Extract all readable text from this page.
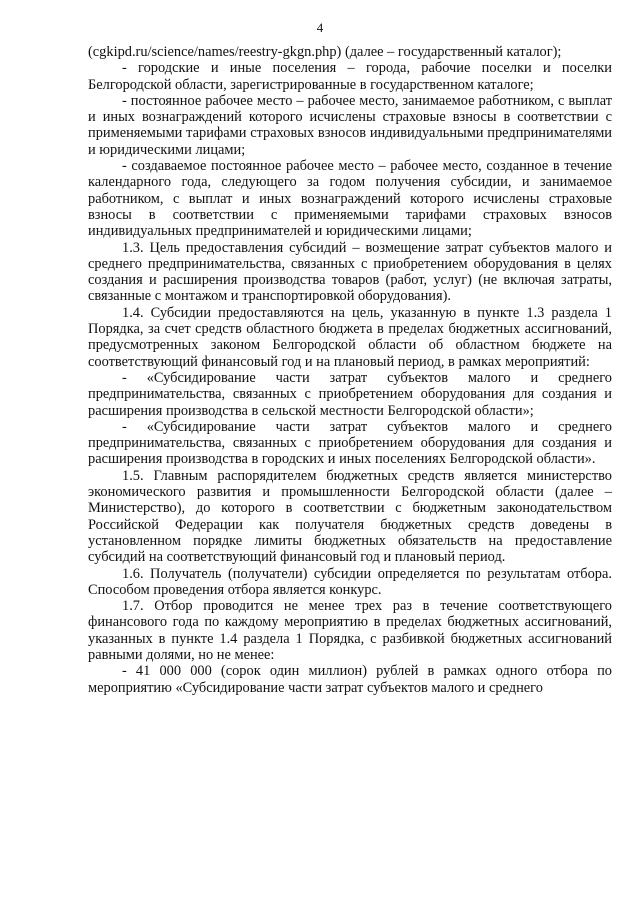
4

(cgkipd.ru/science/names/reestry-gkgn.php) (далее – государственный каталог);

- городские и иные поселения – города, рабочие поселки и поселки Белгородской области, зарегистрированные в государственном каталоге;

- постоянное рабочее место – рабочее место, занимаемое работником, с выплат и иных вознаграждений которого исчислены страховые взносы в соответствии с применяемыми тарифами страховых взносов индивидуальными предпринимателями и юридическими лицами;

- создаваемое постоянное рабочее место – рабочее место, созданное в течение календарного года, следующего за годом получения субсидии, и занимаемое работником, с выплат и иных вознаграждений которого исчислены страховые взносы в соответствии с применяемыми тарифами страховых взносов индивидуальных предпринимателей и юридическими лицами;

1.3. Цель предоставления субсидий – возмещение затрат субъектов малого и среднего предпринимательства, связанных с приобретением оборудования в целях создания и расширения производства товаров (работ, услуг) (не включая затраты, связанные с монтажом и транспортировкой оборудования).

1.4. Субсидии предоставляются на цель, указанную в пункте 1.3 раздела 1 Порядка, за счет средств областного бюджета в пределах бюджетных ассигнований, предусмотренных законом Белгородской области об областном бюджете на соответствующий финансовый год и на плановый период, в рамках мероприятий:

- «Субсидирование части затрат субъектов малого и среднего предпринимательства, связанных с приобретением оборудования для создания и расширения производства в сельской местности Белгородской области»;

- «Субсидирование части затрат субъектов малого и среднего предпринимательства, связанных с приобретением оборудования для создания и расширения производства в городских и иных поселениях Белгородской области».

1.5. Главным распорядителем бюджетных средств является министерство экономического развития и промышленности Белгородской области (далее – Министерство), до которого в соответствии с бюджетным законодательством Российской Федерации как получателя бюджетных средств доведены в установленном порядке лимиты бюджетных обязательств на предоставление субсидий на соответствующий финансовый год и плановый период.

1.6. Получатель (получатели) субсидии определяется по результатам отбора. Способом проведения отбора является конкурс.

1.7. Отбор проводится не менее трех раз в течение соответствующего финансового года по каждому мероприятию в пределах бюджетных ассигнований, указанных в пункте 1.4 раздела 1 Порядка, с разбивкой бюджетных ассигнований равными долями, но не менее:

- 41 000 000 (сорок один миллион) рублей в рамках одного отбора по мероприятию «Субсидирование части затрат субъектов малого и среднего
